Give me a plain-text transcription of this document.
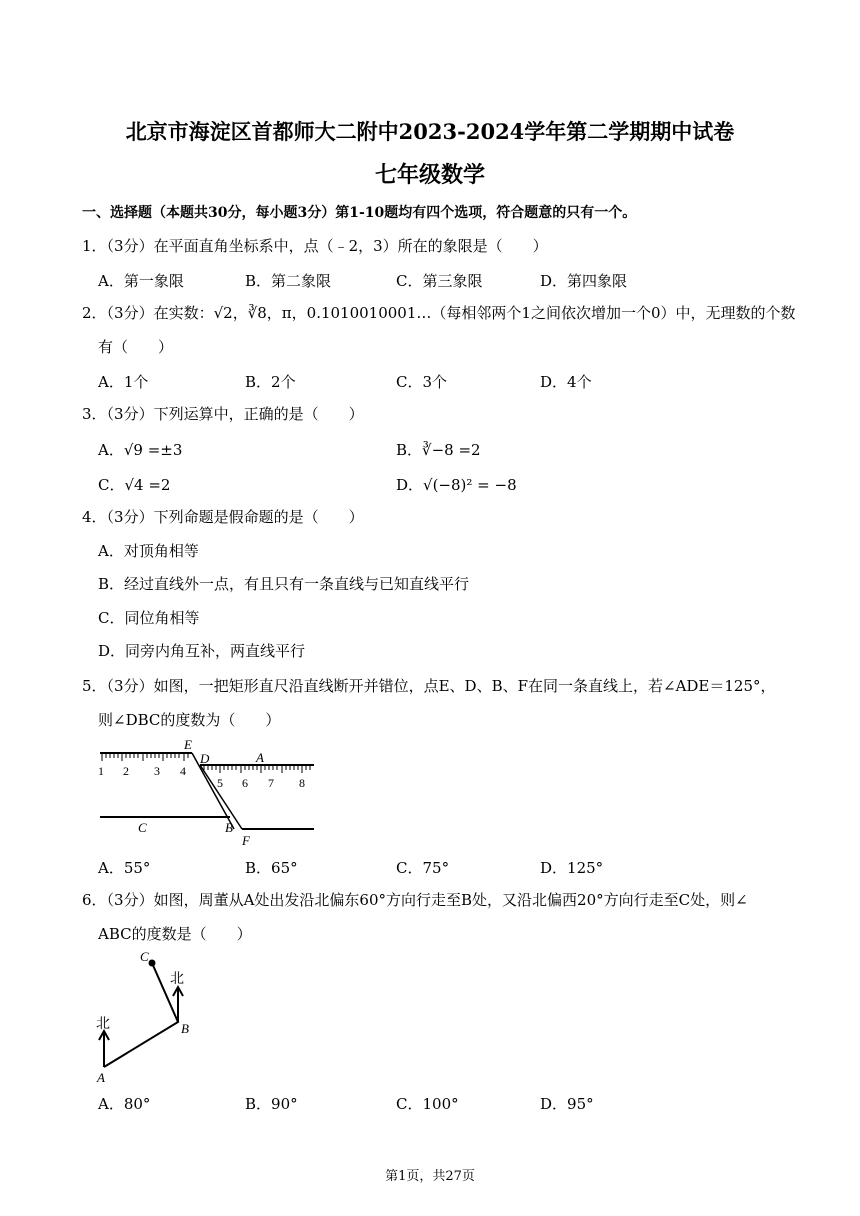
北京市海淀区首都师大二附中2023-2024学年第二学期期中试卷
七年级数学
一、选择题（本题共30分，每小题3分）第1-10题均有四个选项，符合题意的只有一个。
1．（3分）在平面直角坐标系中，点（﹣2，3）所在的象限是（　　）
A．第一象限	B．第二象限	C．第三象限	D．第四象限
2．（3分）在实数：√2，∛8，π，0.1010010001…（每相邻两个1之间依次增加一个0）中，无理数的个数
有（　　）
A．1个	B．2个	C．3个	D．4个
3．（3分）下列运算中，正确的是（　　）
A．√9 =±3	B．∛−8 =2
C．√4 =2	D．√(−8)² = −8
4．（3分）下列命题是假命题的是（　　）
A．对顶角相等
B．经过直线外一点，有且只有一条直线与已知直线平行
C．同位角相等
D．同旁内角互补，两直线平行
5．（3分）如图，一把矩形直尺沿直线断开并错位，点E、D、B、F在同一条直线上，若∠ADE＝125°，
则∠DBC的度数为（　　）
1 2 3 4
5 6 7 8
E
D	A
C	B
F
A．55°	B．65°	C．75°	D．125°
6．（3分）如图，周董从A处出发沿北偏东60°方向行走至B处，又沿北偏西20°方向行走至C处，则∠
ABC的度数是（　　）
C
北
北	B
A
A．80°	B．90°	C．100°	D．95°
第1页，共27页
